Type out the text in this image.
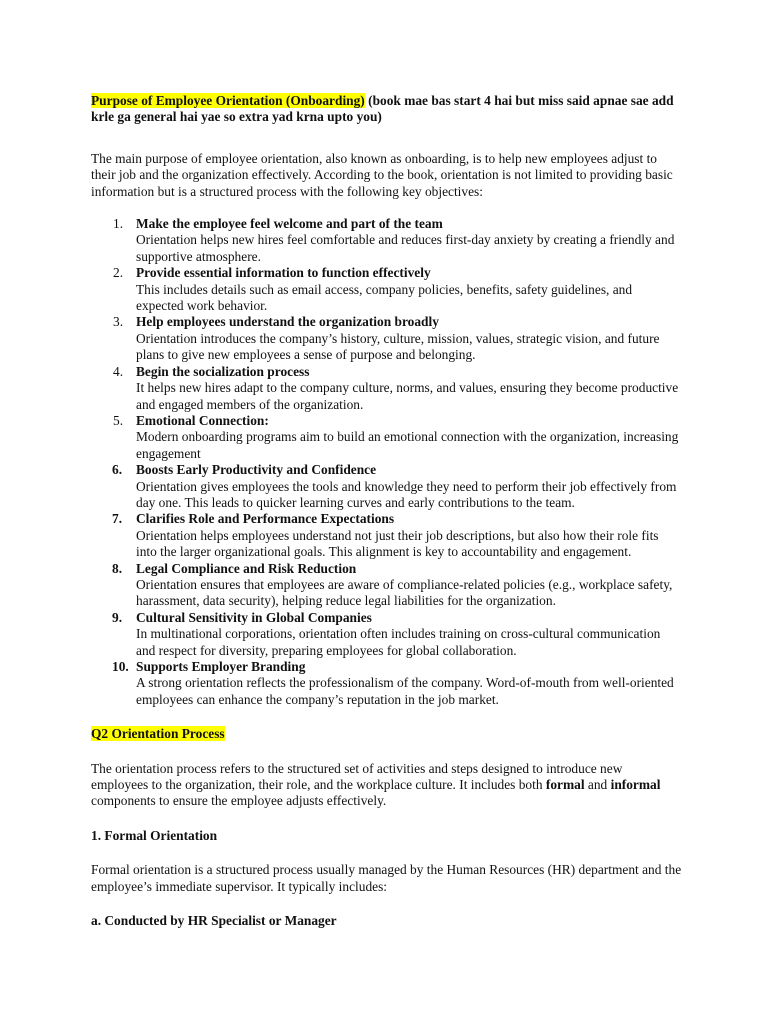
Purpose of Employee Orientation (Onboarding) (book mae bas start 4 hai but miss said apnae sae add krle ga general hai yae so extra yad krna upto you)

The main purpose of employee orientation, also known as onboarding, is to help new employees adjust to their job and the organization effectively. According to the book, orientation is not limited to providing basic information but is a structured process with the following key objectives:

1. Make the employee feel welcome and part of the team
Orientation helps new hires feel comfortable and reduces first-day anxiety by creating a friendly and supportive atmosphere.
2. Provide essential information to function effectively
This includes details such as email access, company policies, benefits, safety guidelines, and expected work behavior.
3. Help employees understand the organization broadly
Orientation introduces the company’s history, culture, mission, values, strategic vision, and future plans to give new employees a sense of purpose and belonging.
4. Begin the socialization process
It helps new hires adapt to the company culture, norms, and values, ensuring they become productive and engaged members of the organization.
5. Emotional Connection:
Modern onboarding programs aim to build an emotional connection with the organization, increasing engagement
6. Boosts Early Productivity and Confidence
Orientation gives employees the tools and knowledge they need to perform their job effectively from day one. This leads to quicker learning curves and early contributions to the team.
7. Clarifies Role and Performance Expectations
Orientation helps employees understand not just their job descriptions, but also how their role fits into the larger organizational goals. This alignment is key to accountability and engagement.
8. Legal Compliance and Risk Reduction
Orientation ensures that employees are aware of compliance-related policies (e.g., workplace safety, harassment, data security), helping reduce legal liabilities for the organization.
9. Cultural Sensitivity in Global Companies
In multinational corporations, orientation often includes training on cross-cultural communication and respect for diversity, preparing employees for global collaboration.
10. Supports Employer Branding
A strong orientation reflects the professionalism of the company. Word-of-mouth from well-oriented employees can enhance the company’s reputation in the job market.

Q2 Orientation Process

The orientation process refers to the structured set of activities and steps designed to introduce new employees to the organization, their role, and the workplace culture. It includes both formal and informal components to ensure the employee adjusts effectively.

1. Formal Orientation

Formal orientation is a structured process usually managed by the Human Resources (HR) department and the employee’s immediate supervisor. It typically includes:

a. Conducted by HR Specialist or Manager
